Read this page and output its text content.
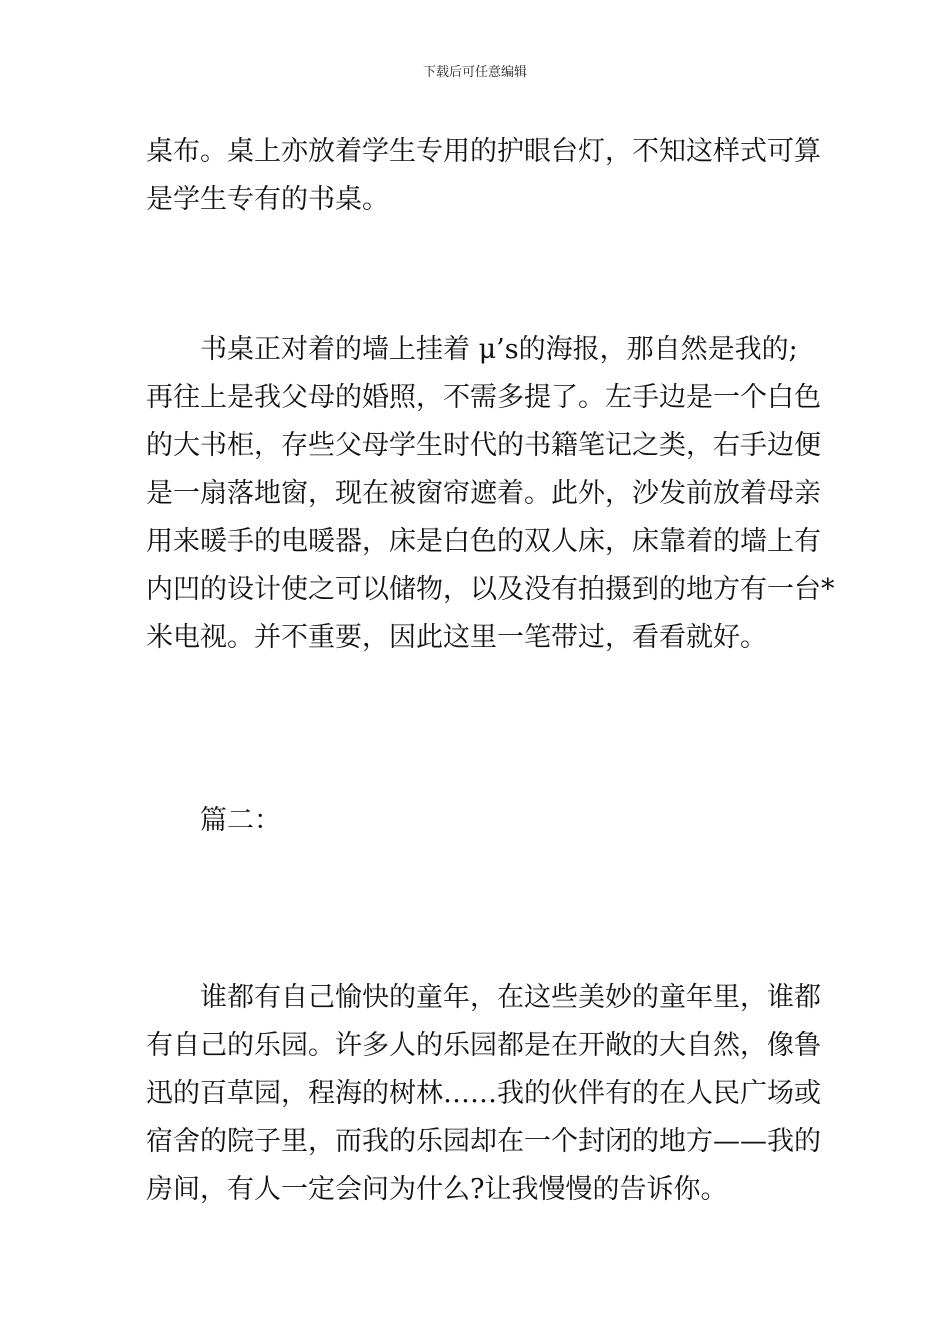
下载后可任意编辑
桌布。桌上亦放着学生专用的护眼台灯，不知这样式可算
是学生专有的书桌。
书桌正对着的墙上挂着 μ’s的海报，那自然是我的;
再往上是我父母的婚照，不需多提了。左手边是一个白色
的大书柜，存些父母学生时代的书籍笔记之类，右手边便
是一扇落地窗，现在被窗帘遮着。此外，沙发前放着母亲
用来暖手的电暖器，床是白色的双人床，床靠着的墙上有
内凹的设计使之可以储物，以及没有拍摄到的地方有一台*
米电视。并不重要，因此这里一笔带过，看看就好。
篇二：
谁都有自己愉快的童年，在这些美妙的童年里，谁都
有自己的乐园。许多人的乐园都是在开敞的大自然，像鲁
迅的百草园，程海的树林……我的伙伴有的在人民广场或
宿舍的院子里，而我的乐园却在一个封闭的地方——我的
房间，有人一定会问为什么?让我慢慢的告诉你。
